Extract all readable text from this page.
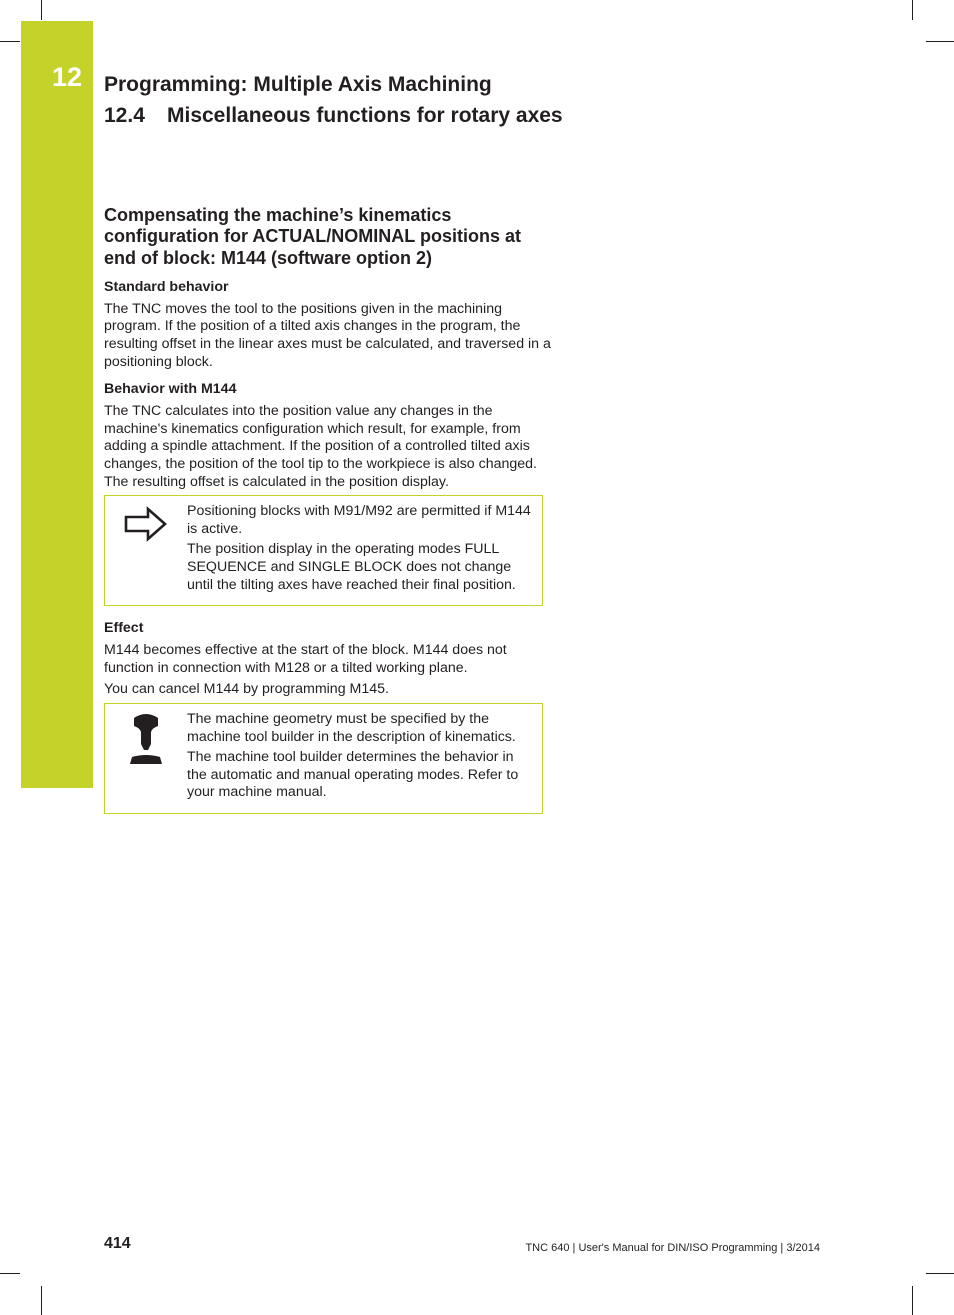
12 Programming: Multiple Axis Machining
12.4 Miscellaneous functions for rotary axes
Compensating the machine’s kinematics configuration for ACTUAL/NOMINAL positions at end of block: M144 (software option 2)
Standard behavior

The TNC moves the tool to the positions given in the machining program. If the position of a tilted axis changes in the program, the resulting offset in the linear axes must be calculated, and traversed in a positioning block.

Behavior with M144

The TNC calculates into the position value any changes in the machine's kinematics configuration which result, for example, from adding a spindle attachment. If the position of a controlled tilted axis changes, the position of the tool tip to the workpiece is also changed. The resulting offset is calculated in the position display.

Positioning blocks with M91/M92 are permitted if M144 is active.

The position display in the operating modes FULL SEQUENCE and SINGLE BLOCK does not change until the tilting axes have reached their final position.

Effect

M144 becomes effective at the start of the block. M144 does not function in connection with M128 or a tilted working plane.

You can cancel M144 by programming M145.

The machine geometry must be specified by the machine tool builder in the description of kinematics.

The machine tool builder determines the behavior in the automatic and manual operating modes. Refer to your machine manual.

414	TNC 640 | User's Manual for DIN/ISO Programming | 3/2014
